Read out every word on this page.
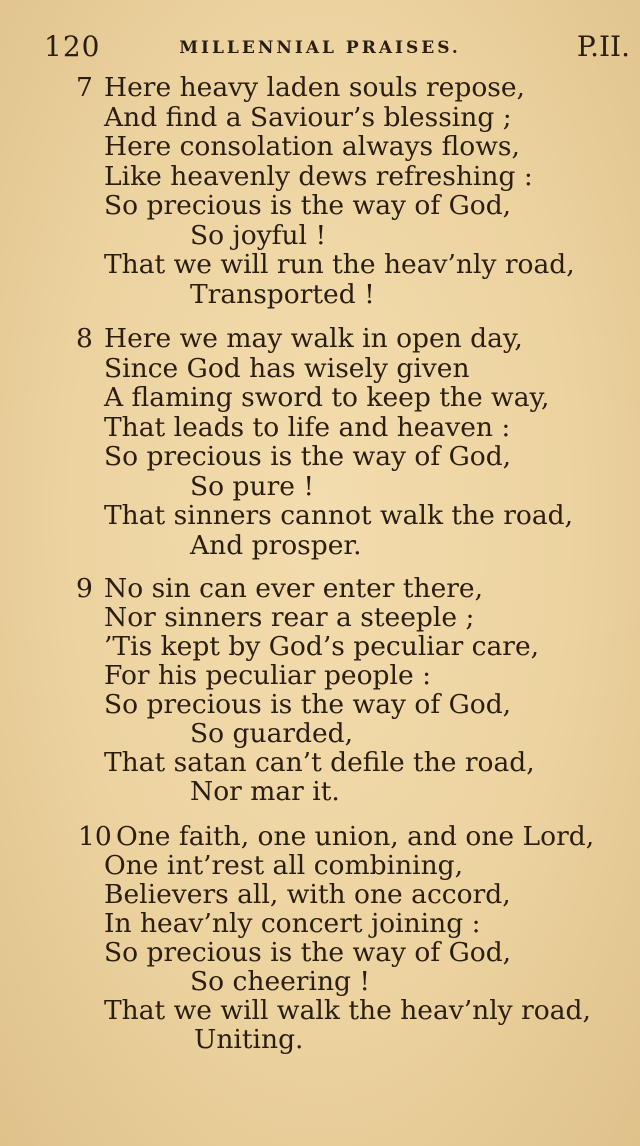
120	MILLENNIAL PRAISES.	P.II.
7 Here heavy laden souls repose,
And find a Saviour’s blessing ;
Here consolation always flows,
Like heavenly dews refreshing :
So precious is the way of God,
So joyful !
That we will run the heav’nly road,
Transported !
8 Here we may walk in open day,
Since God has wisely given
A flaming sword to keep the way,
That leads to life and heaven :
So precious is the way of God,
So pure !
That sinners cannot walk the road,
And prosper.
9 No sin can ever enter there,
Nor sinners rear a steeple ;
’Tis kept by God’s peculiar care,
For his peculiar people :
So precious is the way of God,
So guarded,
That satan can’t defile the road,
Nor mar it.
10 One faith, one union, and one Lord,
One int’rest all combining,
Believers all, with one accord,
In heav’nly concert joining :
So precious is the way of God,
So cheering !
That we will walk the heav’nly road,
Uniting.
